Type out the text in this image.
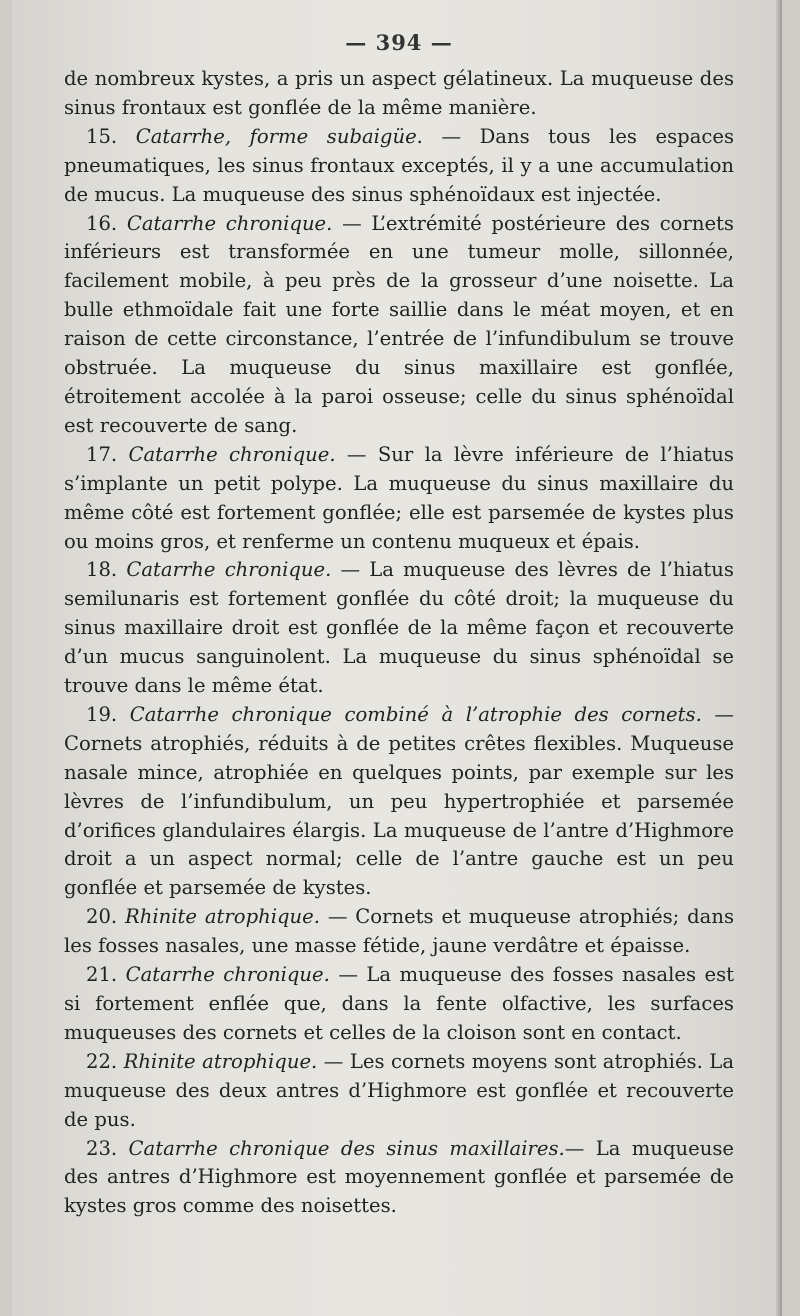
— 394 —

de nombreux kystes, a pris un aspect gélatineux. La muqueuse des sinus frontaux est gonflée de la même manière.

15. Catarrhe, forme subaigüe. — Dans tous les espaces pneumatiques, les sinus frontaux exceptés, il y a une accumulation de mucus. La muqueuse des sinus sphénoïdaux est injectée.

16. Catarrhe chronique. — L’extrémité postérieure des cornets inférieurs est transformée en une tumeur molle, sillonnée, facilement mobile, à peu près de la grosseur d’une noisette. La bulle ethmoïdale fait une forte saillie dans le méat moyen, et en raison de cette circonstance, l’entrée de l’infundibulum se trouve obstruée. La muqueuse du sinus maxillaire est gonflée, étroitement accolée à la paroi osseuse; celle du sinus sphénoïdal est recouverte de sang.

17. Catarrhe chronique. — Sur la lèvre inférieure de l’hiatus s’implante un petit polype. La muqueuse du sinus maxillaire du même côté est fortement gonflée; elle est parsemée de kystes plus ou moins gros, et renferme un contenu muqueux et épais.

18. Catarrhe chronique. — La muqueuse des lèvres de l’hiatus semilunaris est fortement gonflée du côté droit; la muqueuse du sinus maxillaire droit est gonflée de la même façon et recouverte d’un mucus sanguinolent. La muqueuse du sinus sphénoïdal se trouve dans le même état.

19. Catarrhe chronique combiné à l’atrophie des cornets. — Cornets atrophiés, réduits à de petites crêtes flexibles. Muqueuse nasale mince, atrophiée en quelques points, par exemple sur les lèvres de l’infundibulum, un peu hypertrophiée et parsemée d’orifices glandulaires élargis. La muqueuse de l’antre d’Highmore droit a un aspect normal; celle de l’antre gauche est un peu gonflée et parsemée de kystes.

20. Rhinite atrophique. — Cornets et muqueuse atrophiés; dans les fosses nasales, une masse fétide, jaune verdâtre et épaisse.

21. Catarrhe chronique. — La muqueuse des fosses nasales est si fortement enflée que, dans la fente olfactive, les surfaces muqueuses des cornets et celles de la cloison sont en contact.

22. Rhinite atrophique. — Les cornets moyens sont atrophiés. La muqueuse des deux antres d’Highmore est gonflée et recouverte de pus.

23. Catarrhe chronique des sinus maxillaires.— La muqueuse des antres d’Highmore est moyennement gonflée et parsemée de kystes gros comme des noisettes.
